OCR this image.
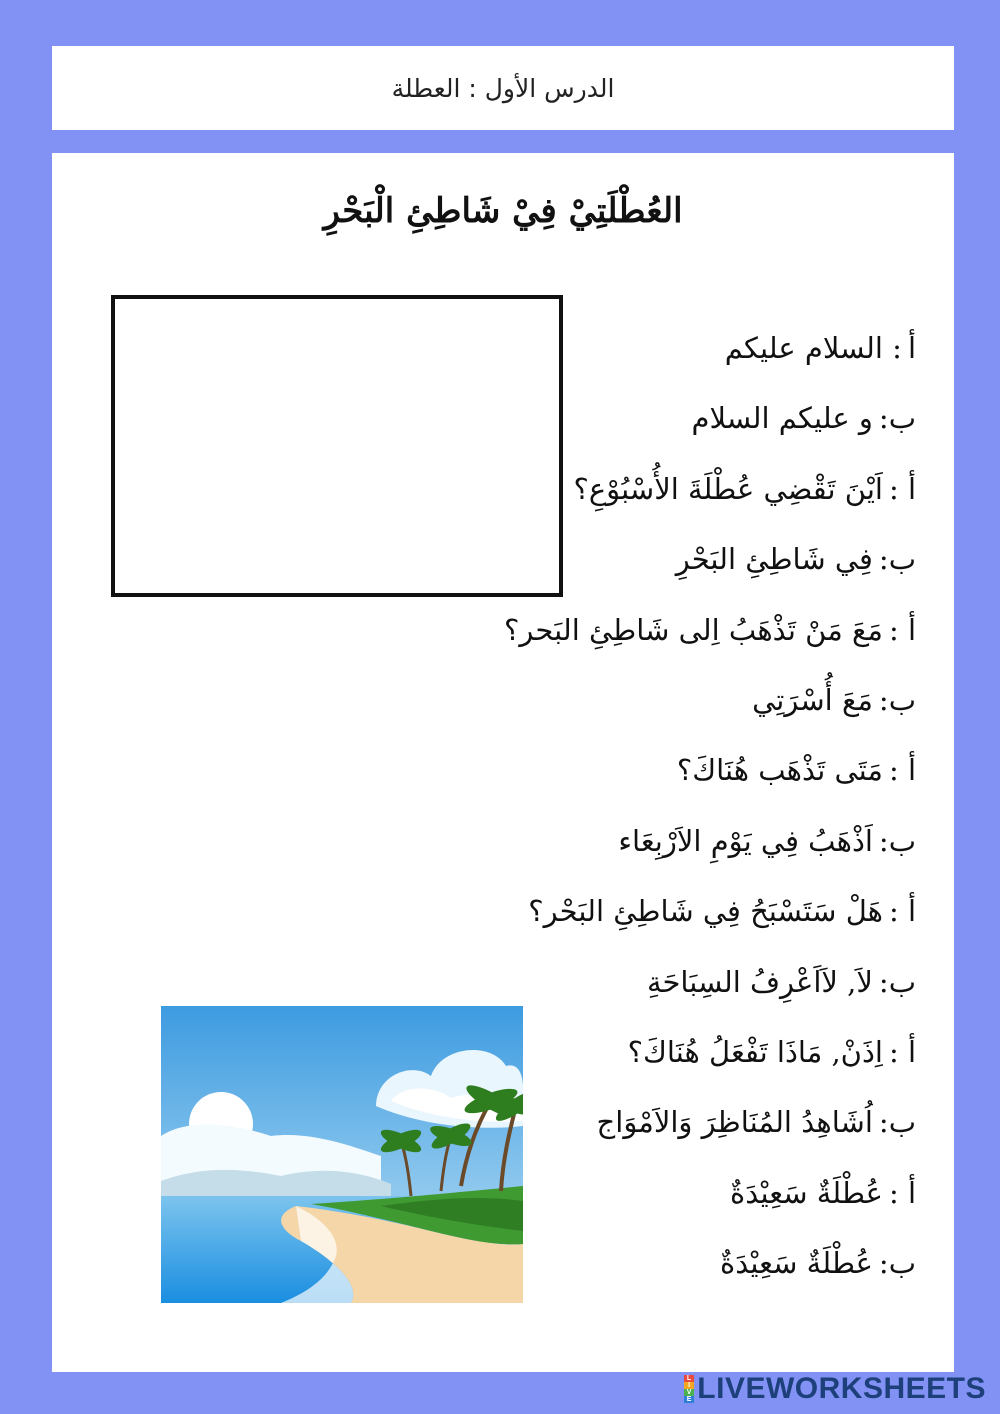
الدرس الأول : العطلة
العُطْلَتِيْ فِيْ شَاطِئِ الْبَحْرِ
أ: السلام عليكم
ب:و عليكم السلام
أ :اَيْنَ تَقْضِي عُطْلَةَ الأُسْبُوْعِ؟
ب:فِي شَاطِئِ البَحْرِ
أ :مَعَ مَنْ تَذْهَبُ اِلى شَاطِئِ البَحر؟
ب:مَعَ أُسْرَتِي
أ :مَتَى تَذْهَب هُنَاكَ؟
ب:اَذْهَبُ فِي يَوْمِ الاَرْبِعَاء
أ :هَلْ سَتَسْبَحُ فِي شَاطِئِ البَحْر؟
ب:لاَ, لاَاَعْرِفُ السِبَاحَةِ
أ :اِذَنْ, مَاذَا تَفْعَلُ هُنَاكَ؟
ب:اُشَاهِدُ المُنَاظِرَ وَالاَمْوَاج
أ :عُطْلَةٌ سَعِيْدَةٌ
ب:عُطْلَةٌ سَعِيْدَةٌ
L
I
V
E LIVEWORKSHEETS
